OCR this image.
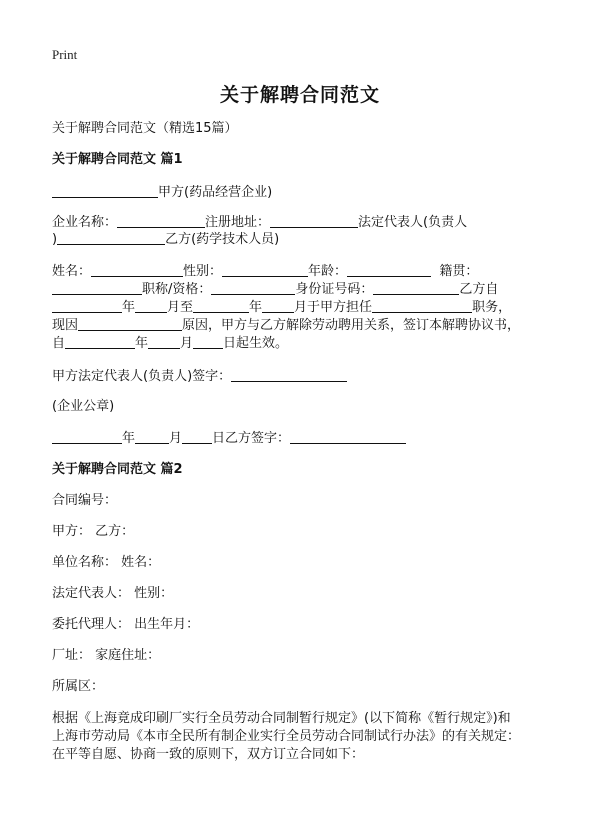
Print
关于解聘合同范文
关于解聘合同范文（精选15篇）
关于解聘合同范文 篇1
甲方(药品经营企业)
企业名称：	注册地址：	法定代表人(负责人
)	乙方(药学技术人员)
姓名：	性别：	年龄：	籍贯：
职称/资格：	身份证号码：	乙方自
年 月至	年 月于甲方担任	职务，
现因	原因，甲方与乙方解除劳动聘用关系，签订本解聘协议书，
自	年 月 日起生效。
甲方法定代表人(负责人)签字：
(企业公章)
年	月 日乙方签字：
关于解聘合同范文 篇2
合同编号：
甲方： 乙方：
单位名称： 姓名：
法定代表人： 性别：
委托代理人： 出生年月：
厂址： 家庭住址：
所属区：
根据《上海竟成印刷厂实行全员劳动合同制暂行规定》(以下简称《暂行规定》)和
上海市劳动局《本市全民所有制企业实行全员劳动合同制试行办法》的有关规定：
在平等自愿、协商一致的原则下，双方订立合同如下：
